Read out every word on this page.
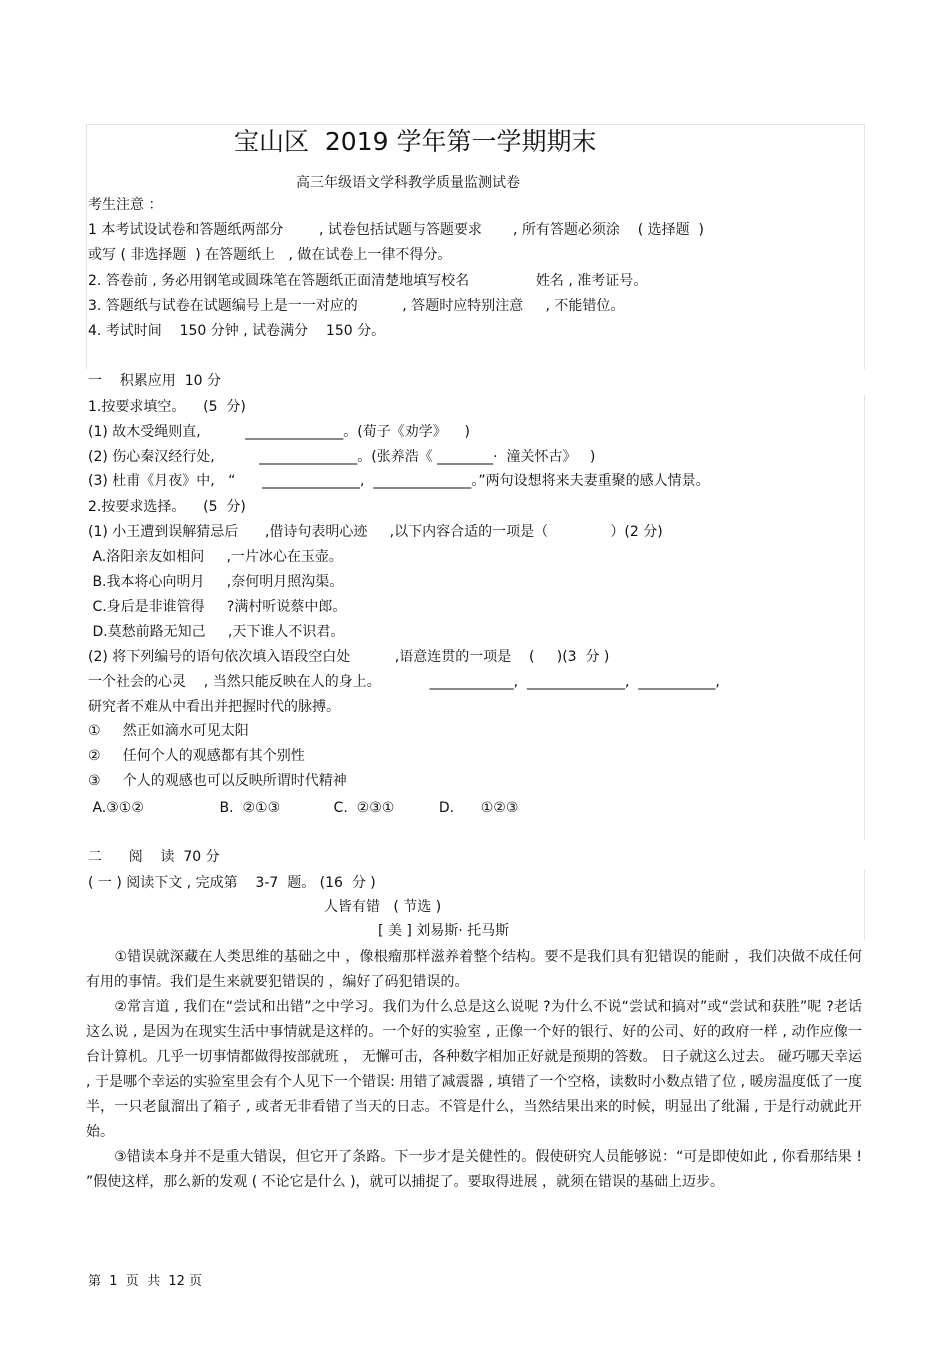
宝山区  2019 学年第一学期期末
高三年级语文学科教学质量监测试卷
考生注意 ：
1 本考试设试卷和答题纸两部分        , 试卷包括试题与答题要求       , 所有答题必须涂    ( 选择题  )
或写 ( 非选择题  ) 在答题纸上   , 做在试卷上一律不得分。
2. 答卷前 , 务必用钢笔或圆珠笔在答题纸正面清楚地填写校名               姓名 , 准考证号。
3. 答题纸与试卷在试题编号上是一一对应的          , 答题时应特别注意     , 不能错位。
4. 考试时间    150 分钟 , 试卷满分    150 分。
一    积累应用  10 分
1.按要求填空。    (5  分)
(1) 故木受绳则直,          ______________。(荀子《劝学》    )
(2) 伤心秦汉经行处,          ______________。(张养浩《 ________·  潼关怀古》   )
(3) 杜甫《月夜》中,   “      ______________,  ______________。”两句设想将来夫妻重聚的感人情景。
2.按要求选择。    (5  分)
(1) 小王遭到误解猜忌后      ,借诗句表明心迹     ,以下内容合适的一项是（              ）(2 分)
A.洛阳亲友如相问     ,一片冰心在玉壶。
B.我本将心向明月     ,奈何明月照沟渠。
C.身后是非谁管得     ?满村听说蔡中郎。
D.莫愁前路无知己     ,天下谁人不识君。
(2) 将下列编号的语句依次填入语段空白处          ,语意连贯的一项是    (     )(3  分 )
一个社会的心灵    , 当然只能反映在人的身上。           ____________,  ______________,  ___________,
研究者不难从中看出并把握时代的脉搏。
①     然正如滴水可见太阳
②     任何个人的观感都有其个别性
③     个人的观感也可以反映所谓时代精神
A.③①②                 B.  ②①③            C.  ②③①          D.      ①②③
二      阅    读  70 分
( 一 ) 阅读下文 , 完成第    3-7  题。 (16  分 )
人皆有错   ( 节选 )
[ 美 ] 刘易斯· 托马斯
　　①错误就深藏在人类思维的基础之中 ，像根瘤那样滋养着整个结构。要不是我们具有犯错误的能耐 ，我们决做不成任何有用的事情。我们是生来就要犯错误的 ，编好了码犯错误的。
　　②常言道 , 我们在“尝试和出错”之中学习。我们为什么总是这么说呢 ?为什么不说“尝试和搞对”或“尝试和获胜”呢 ?老话这么说 , 是因为在现实生活中事情就是这样的。一个好的实验室 , 正像一个好的银行、好的公司、好的政府一样 , 动作应像一台计算机。几乎一切事情都做得按部就班 ， 无懈可击，各种数字相加正好就是预期的答数。 日子就这么过去。 碰巧哪天幸运 , 于是哪个幸运的实验室里会有个人见下一个错误: 用错了减震器 , 填错了一个空格，读数时小数点错了位 , 暖房温度低了一度半，一只老鼠溜出了箱子 , 或者无非看错了当天的日志。不管是什么，当然结果出来的时候，明显出了纰漏 , 于是行动就此开始。
　　③错读本身并不是重大错误，但它开了条路。下一步才是关健性的。假使研究人员能够说：“可是即使如此 , 你看那结果 ! ”假使这样，那么新的发观 ( 不论它是什么 )，就可以捕捉了。要取得进展 ，就须在错误的基础上迈步。
第  1  页  共  12 页
